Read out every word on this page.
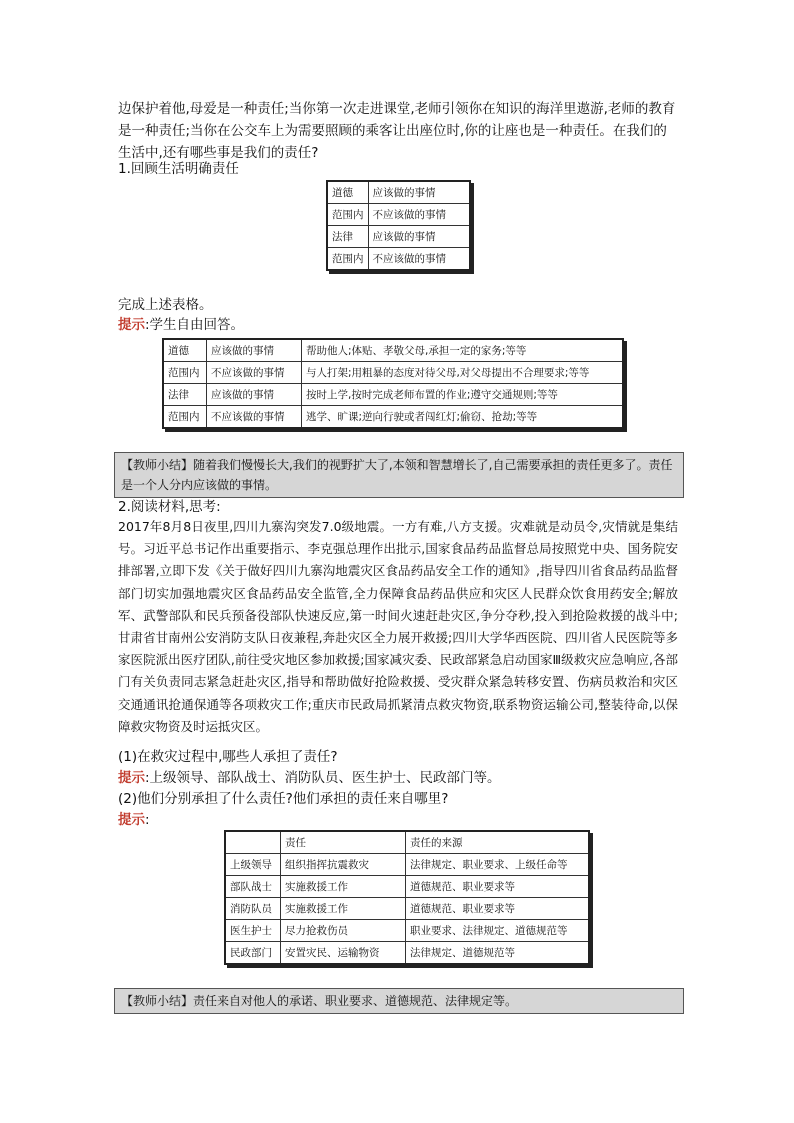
边保护着他,母爱是一种责任;当你第一次走进课堂,老师引领你在知识的海洋里遨游,老师的教育是一种责任;当你在公交车上为需要照顾的乘客让出座位时,你的让座也是一种责任。在我们的生活中,还有哪些事是我们的责任?
1.回顾生活明确责任
道德	应该做的事情
范围内	不应该做的事情
法律	应该做的事情
范围内	不应该做的事情
完成上述表格。
提示:学生自由回答。
道德	应该做的事情	帮助他人;体贴、孝敬父母,承担一定的家务;等等
范围内	不应该做的事情	与人打架;用粗暴的态度对待父母,对父母提出不合理要求;等等
法律	应该做的事情	按时上学,按时完成老师布置的作业;遵守交通规则;等等
范围内	不应该做的事情	逃学、旷课;逆向行驶或者闯红灯;偷窃、抢劫;等等
【教师小结】随着我们慢慢长大,我们的视野扩大了,本领和智慧增长了,自己需要承担的责任更多了。责任是一个人分内应该做的事情。
2.阅读材料,思考:
2017年8月8日夜里,四川九寨沟突发7.0级地震。一方有难,八方支援。灾难就是动员令,灾情就是集结号。习近平总书记作出重要指示、李克强总理作出批示,国家食品药品监督总局按照党中央、国务院安排部署,立即下发《关于做好四川九寨沟地震灾区食品药品安全工作的通知》,指导四川省食品药品监督部门切实加强地震灾区食品药品安全监管,全力保障食品药品供应和灾区人民群众饮食用药安全;解放军、武警部队和民兵预备役部队快速反应,第一时间火速赶赴灾区,争分夺秒,投入到抢险救援的战斗中;甘肃省甘南州公安消防支队日夜兼程,奔赴灾区全力展开救援;四川大学华西医院、四川省人民医院等多家医院派出医疗团队,前往受灾地区参加救援;国家减灾委、民政部紧急启动国家Ⅲ级救灾应急响应,各部门有关负责同志紧急赶赴灾区,指导和帮助做好抢险救援、受灾群众紧急转移安置、伤病员救治和灾区交通通讯抢通保通等各项救灾工作;重庆市民政局抓紧清点救灾物资,联系物资运输公司,整装待命,以保障救灾物资及时运抵灾区。
(1)在救灾过程中,哪些人承担了责任?
提示:上级领导、部队战士、消防队员、医生护士、民政部门等。
(2)他们分别承担了什么责任?他们承担的责任来自哪里?
提示:
	责任	责任的来源
上级领导	组织指挥抗震救灾	法律规定、职业要求、上级任命等
部队战士	实施救援工作	道德规范、职业要求等
消防队员	实施救援工作	道德规范、职业要求等
医生护士	尽力抢救伤员	职业要求、法律规定、道德规范等
民政部门	安置灾民、运输物资	法律规定、道德规范等
【教师小结】责任来自对他人的承诺、职业要求、道德规范、法律规定等。
